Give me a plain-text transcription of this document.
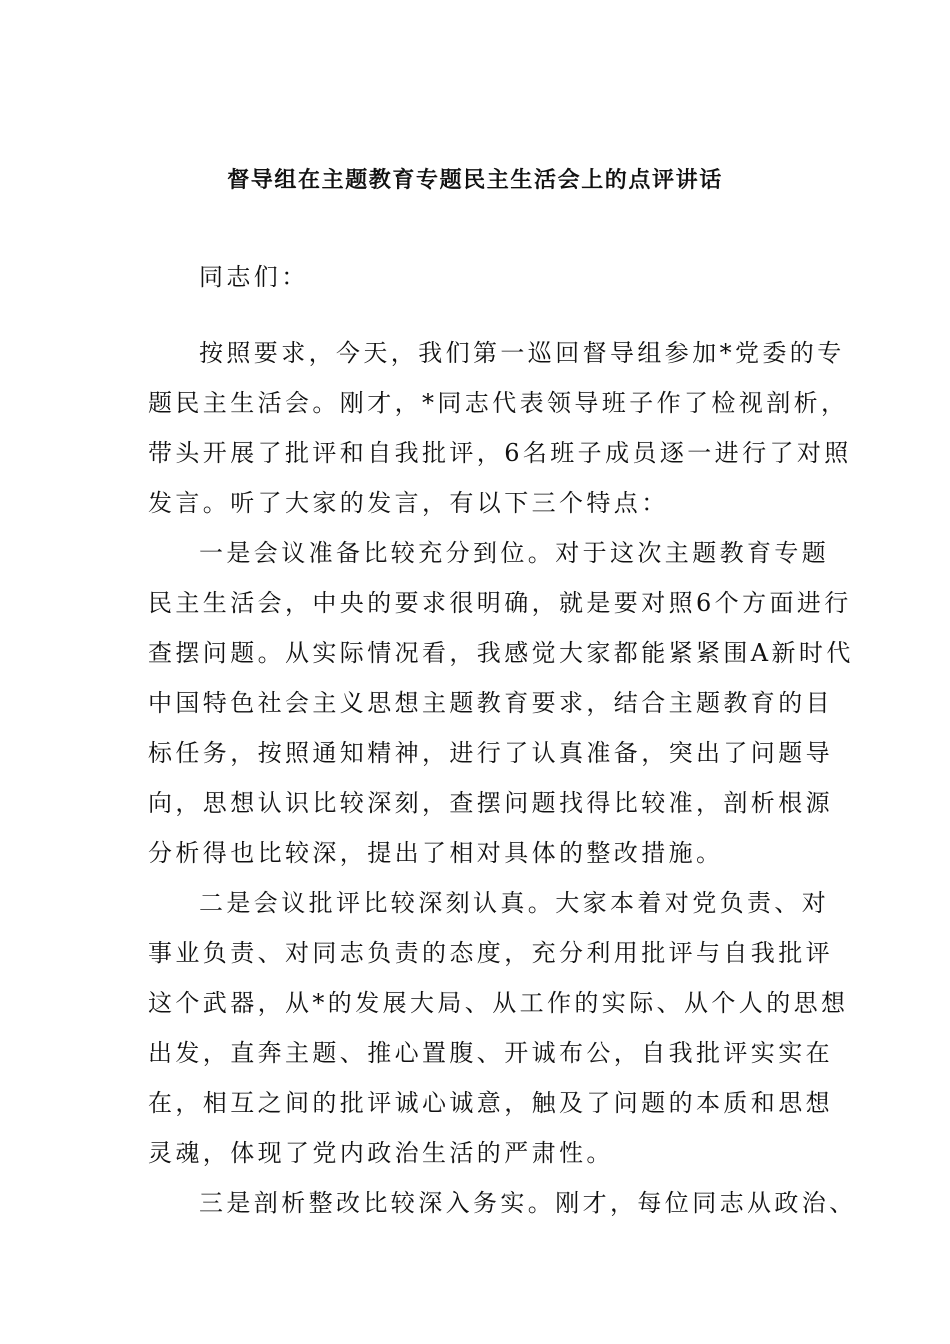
督导组在主题教育专题民主生活会上的点评讲话
同志们：
按照要求，今天，我们第一巡回督导组参加*党委的专
题民主生活会。刚才，*同志代表领导班子作了检视剖析，
带头开展了批评和自我批评，6名班子成员逐一进行了对照
发言。听了大家的发言，有以下三个特点：
一是会议准备比较充分到位。对于这次主题教育专题
民主生活会，中央的要求很明确，就是要对照6个方面进行
查摆问题。从实际情况看，我感觉大家都能紧紧围A新时代
中国特色社会主义思想主题教育要求，结合主题教育的目
标任务，按照通知精神，进行了认真准备，突出了问题导
向，思想认识比较深刻，查摆问题找得比较准，剖析根源
分析得也比较深，提出了相对具体的整改措施。
二是会议批评比较深刻认真。大家本着对党负责、对
事业负责、对同志负责的态度，充分利用批评与自我批评
这个武器，从*的发展大局、从工作的实际、从个人的思想
出发，直奔主题、推心置腹、开诚布公，自我批评实实在
在，相互之间的批评诚心诚意，触及了问题的本质和思想
灵魂，体现了党内政治生活的严肃性。
三是剖析整改比较深入务实。刚才，每位同志从政治、
